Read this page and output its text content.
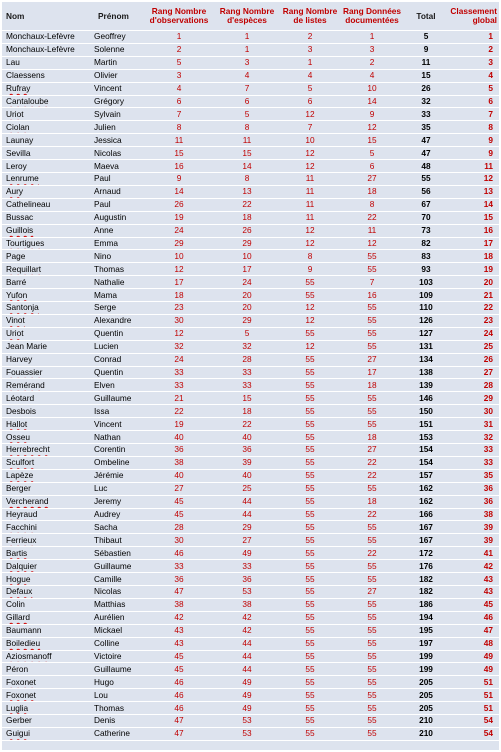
Nom	Prénom	Rang Nombre d'observations	Rang Nombre d'espèces	Rang Nombre de listes	Rang Données documentées	Total	Classement global
Monchaux-Lefèvre	Geoffrey	1	1	2	1	5	1
Monchaux-Lefèvre	Solenne	2	1	3	3	9	2
Lau	Martin	5	3	1	2	11	3
Claessens	Olivier	3	4	4	4	15	4
Rufray	Vincent	4	7	5	10	26	5
Cantaloube	Grégory	6	6	6	14	32	6
Uriot	Sylvain	7	5	12	9	33	7
Ciolan	Julien	8	8	7	12	35	8
Launay	Jessica	11	11	10	15	47	9
Sevilla	Nicolas	15	15	12	5	47	9
Leroy	Maeva	16	14	12	6	48	11
Lenrume	Paul	9	8	11	27	55	12
Aury	Arnaud	14	13	11	18	56	13
Cathelineau	Paul	26	22	11	8	67	14
Bussac	Augustin	19	18	11	22	70	15
Guillois	Anne	24	26	12	11	73	16
Tourtigues	Emma	29	29	12	12	82	17
Page	Nino	10	10	8	55	83	18
Requillart	Thomas	12	17	9	55	93	19
Barré	Nathalie	17	24	55	7	103	20
Yufon	Mama	18	20	55	16	109	21
Santonja	Serge	23	20	12	55	110	22
Vinot	Alexandre	30	29	12	55	126	23
Uriot	Quentin	12	5	55	55	127	24
Jean Marie	Lucien	32	32	12	55	131	25
Harvey	Conrad	24	28	55	27	134	26
Fouassier	Quentin	33	33	55	17	138	27
Remérand	Elven	33	33	55	18	139	28
Léotard	Guillaume	21	15	55	55	146	29
Desbois	Issa	22	18	55	55	150	30
Hallot	Vincent	19	22	55	55	151	31
Osseu	Nathan	40	40	55	18	153	32
Herrebrecht	Corentin	36	36	55	27	154	33
Sculfort	Ombeline	38	39	55	22	154	33
Lapèze	Jérémie	40	40	55	22	157	35
Berger	Luc	27	25	55	55	162	36
Vercherand	Jeremy	45	44	55	18	162	36
Heyraud	Audrey	45	44	55	22	166	38
Facchini	Sacha	28	29	55	55	167	39
Ferrieux	Thibaut	30	27	55	55	167	39
Bartis	Sébastien	46	49	55	22	172	41
Dalquier	Guillaume	33	33	55	55	176	42
Hogue	Camille	36	36	55	55	182	43
Defaux	Nicolas	47	53	55	27	182	43
Colin	Matthias	38	38	55	55	186	45
Gillard	Aurélien	42	42	55	55	194	46
Baumann	Mickael	43	42	55	55	195	47
Boiledieu	Colline	43	44	55	55	197	48
Aziosmanoff	Victoire	45	44	55	55	199	49
Péron	Guillaume	45	44	55	55	199	49
Foxonet	Hugo	46	49	55	55	205	51
Foxonet	Lou	46	49	55	55	205	51
Luglia	Thomas	46	49	55	55	205	51
Gerber	Denis	47	53	55	55	210	54
Guigui	Catherine	47	53	55	55	210	54
